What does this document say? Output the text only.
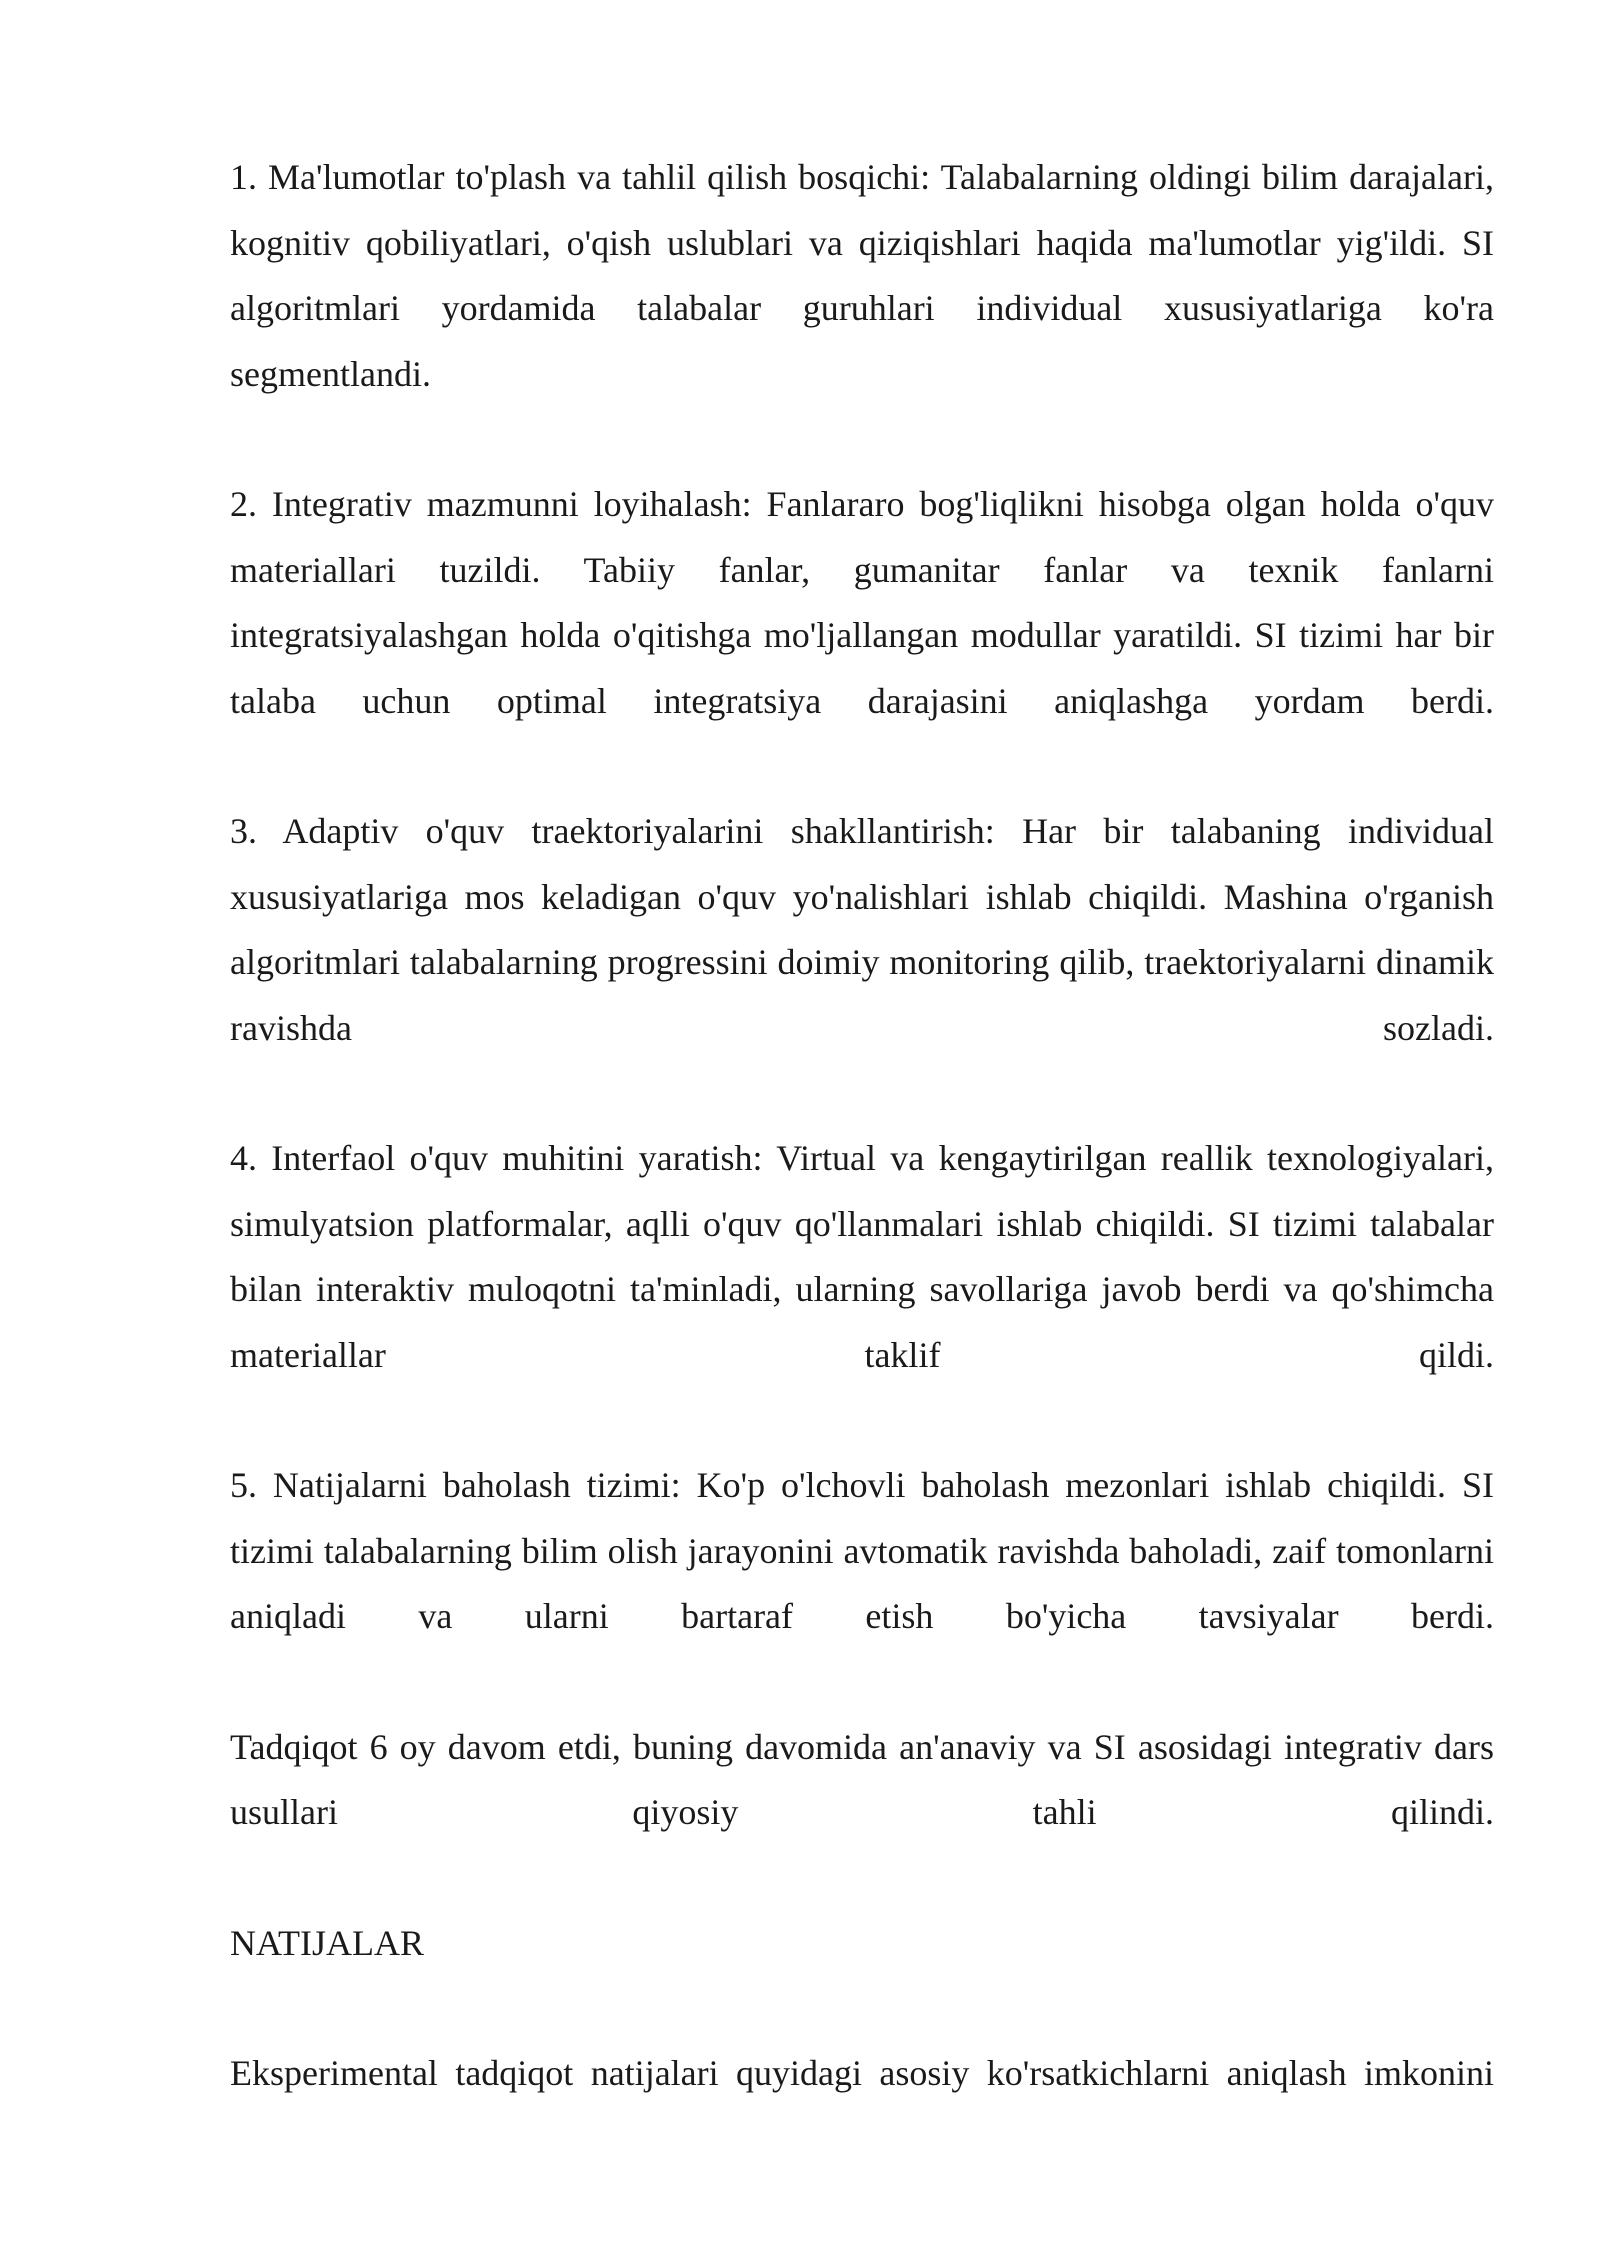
1. Ma'lumotlar to'plash va tahlil qilish bosqichi: Talabalarning oldingi bilim darajalari, kognitiv qobiliyatlari, o'qish uslublari va qiziqishlari haqida ma'lumotlar yig'ildi. SI algoritmlari yordamida talabalar guruhlari individual xususiyatlariga ko'ra segmentlandi.

2. Integrativ mazmunni loyihalash: Fanlararo bog'liqlikni hisobga olgan holda o'quv materiallari tuzildi. Tabiiy fanlar, gumanitar fanlar va texnik fanlarni integratsiyalashgan holda o'qitishga mo'ljallangan modullar yaratildi. SI tizimi har bir talaba uchun optimal integratsiya darajasini aniqlashga yordam berdi.

3. Adaptiv o'quv traektoriyalarini shakllantirish: Har bir talabaning individual xususiyatlariga mos keladigan o'quv yo'nalishlari ishlab chiqildi. Mashina o'rganish algoritmlari talabalarning progressini doimiy monitoring qilib, traektoriyalarni dinamik ravishda sozladi.

4. Interfaol o'quv muhitini yaratish: Virtual va kengaytirilgan reallik texnologiyalari, simulyatsion platformalar, aqlli o'quv qo'llanmalari ishlab chiqildi. SI tizimi talabalar bilan interaktiv muloqotni ta'minladi, ularning savollariga javob berdi va qo'shimcha materiallar taklif qildi.

5. Natijalarni baholash tizimi: Ko'p o'lchovli baholash mezonlari ishlab chiqildi. SI tizimi talabalarning bilim olish jarayonini avtomatik ravishda baholadi, zaif tomonlarni aniqladi va ularni bartaraf etish bo'yicha tavsiyalar berdi.

Tadqiqot 6 oy davom etdi, buning davomida an'anaviy va SI asosidagi integrativ dars usullari qiyosiy tahli qilindi.

NATIJALAR

Eksperimental tadqiqot natijalari quyidagi asosiy ko'rsatkichlarni aniqlash imkonini
